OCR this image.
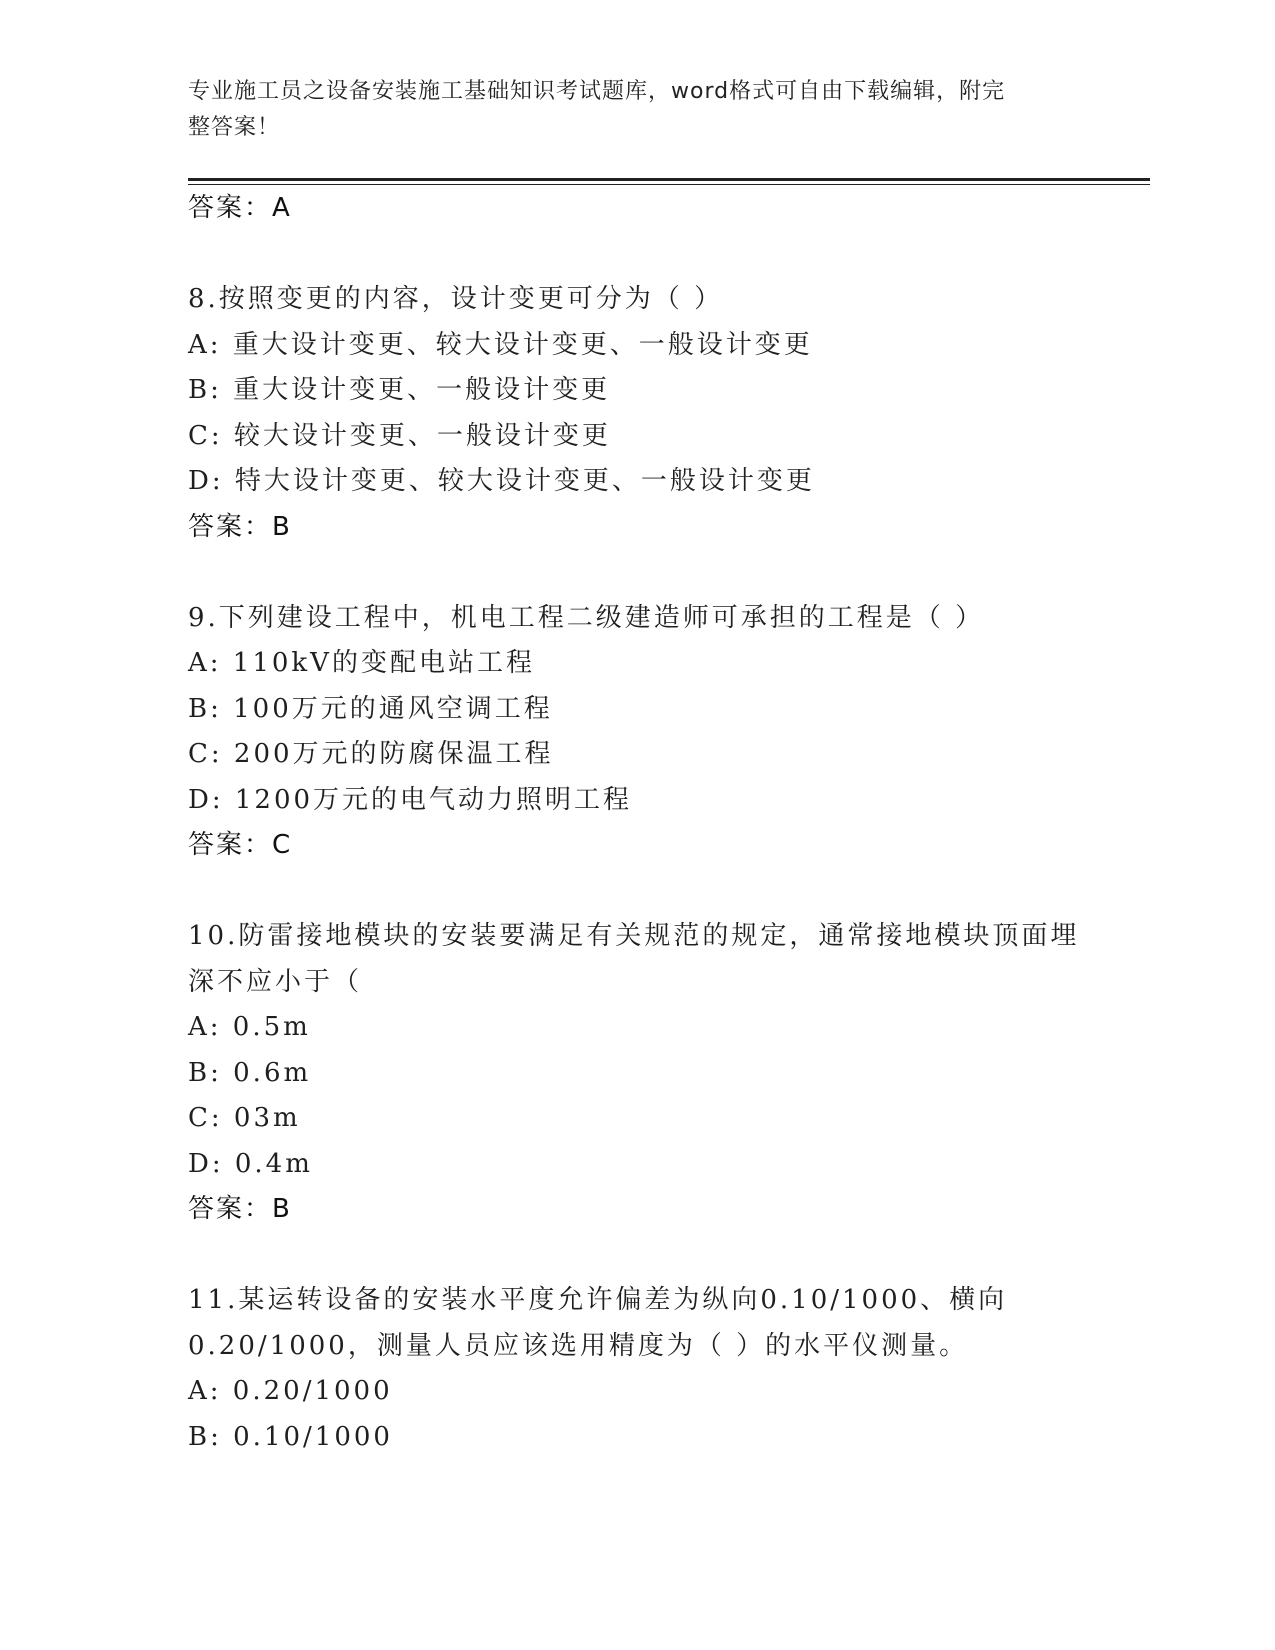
专业施工员之设备安装施工基础知识考试题库，word格式可自由下载编辑，附完
整答案！
答案：A
8.按照变更的内容，设计变更可分为（ ）
A: 重大设计变更、较大设计变更、一般设计变更
B: 重大设计变更、一般设计变更
C: 较大设计变更、一般设计变更
D: 特大设计变更、较大设计变更、一般设计变更
答案：B
9.下列建设工程中，机电工程二级建造师可承担的工程是（ ）
A: 110kV的变配电站工程
B: 100万元的通风空调工程
C: 200万元的防腐保温工程
D: 1200万元的电气动力照明工程
答案：C
10.防雷接地模块的安装要满足有关规范的规定，通常接地模块顶面埋
深不应小于（
A: 0.5m
B: 0.6m
C: 03m
D: 0.4m
答案：B
11.某运转设备的安装水平度允许偏差为纵向0.10/1000、横向
0.20/1000，测量人员应该选用精度为（ ）的水平仪测量。
A: 0.20/1000
B: 0.10/1000
